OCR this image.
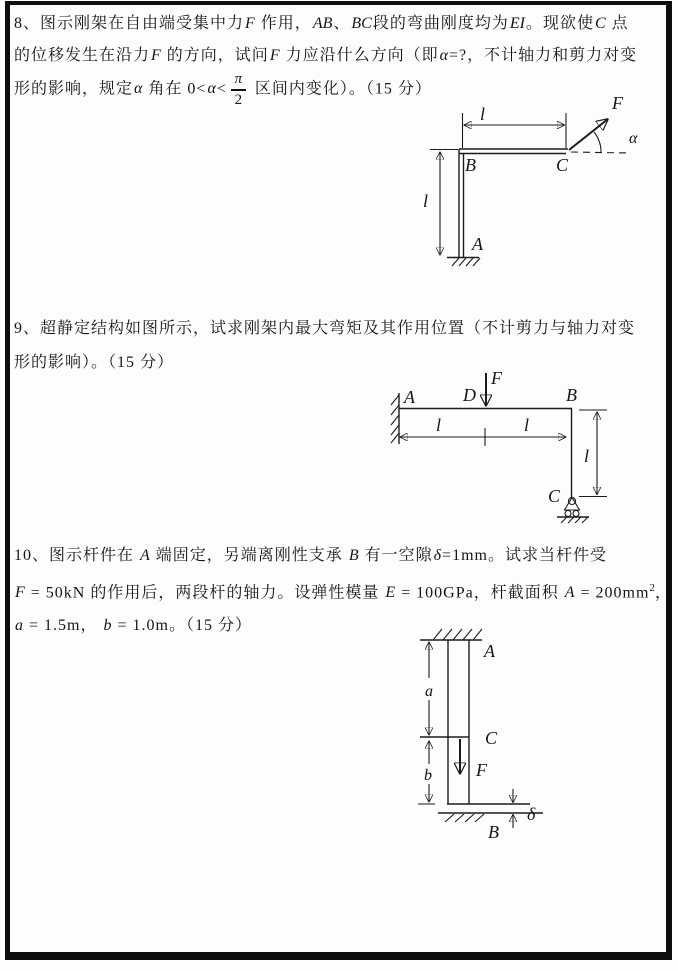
8、图示刚架在自由端受集中力F 作用，AB、BC段的弯曲刚度均为EI。现欲使C 点
的位移发生在沿力F 的方向，试问F 力应沿什么方向（即α=?，不计轴力和剪力对变
形的影响，规定α 角在 $0<\alpha< \frac{\pi}{2}$ 区间内变化）。（15 分）
l
l
F
α
B	C
A
9、超静定结构如图所示，试求刚架内最大弯矩及其作用位置（不计剪力与轴力对变
形的影响）。（15 分）
F
D
A	B
l	l
l
C
10、图示杆件在 A 端固定，另端离刚性支承 B 有一空隙δ=1mm。试求当杆件受
F = 50kN 的作用后，两段杆的轴力。设弹性模量 E = 100GPa，杆截面积 $A = 200mm^2$，
a = 1.5m， b = 1.0m。（15 分）
A
a
C
F
b
B
δ
